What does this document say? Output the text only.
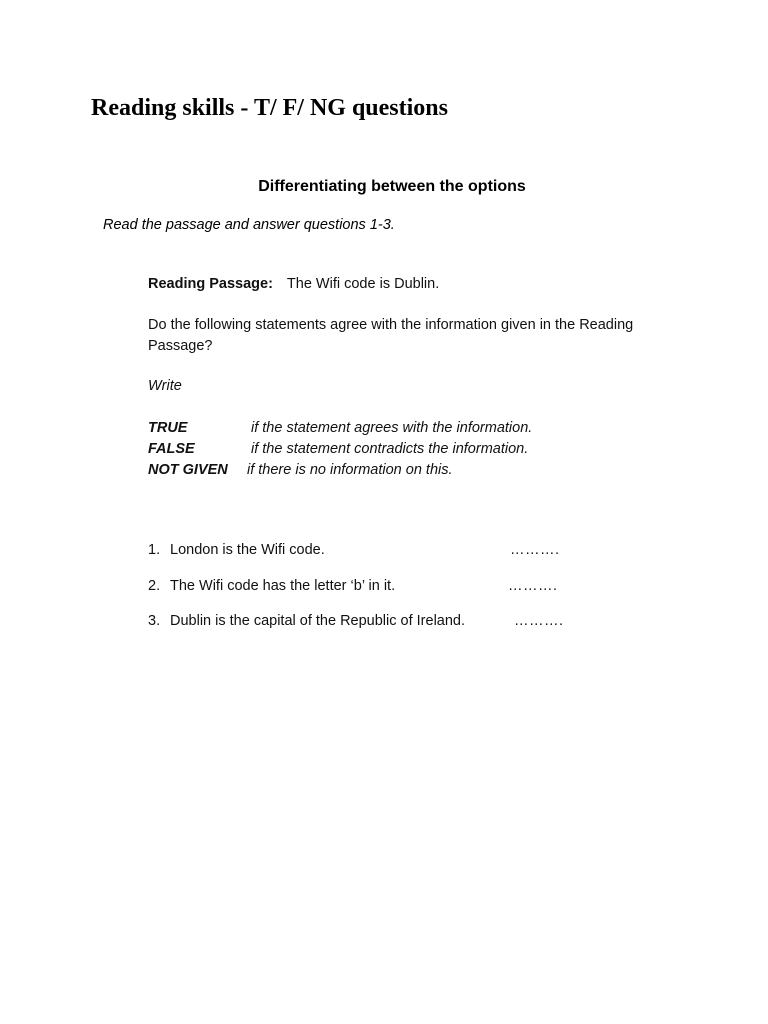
Reading skills - T/ F/ NG questions
Differentiating between the options

Read the passage and answer questions 1-3.

Reading Passage: The Wifi code is Dublin.
Do the following statements agree with the information given in the Reading Passage?
Write
TRUE	if the statement agrees with the information.
FALSE	if the statement contradicts the information.
NOT GIVEN if there is no information on this.
1. London is the Wifi code.	……….
2. The Wifi code has the letter ‘b’ in it.	……….
3. Dublin is the capital of the Republic of Ireland.	……….
